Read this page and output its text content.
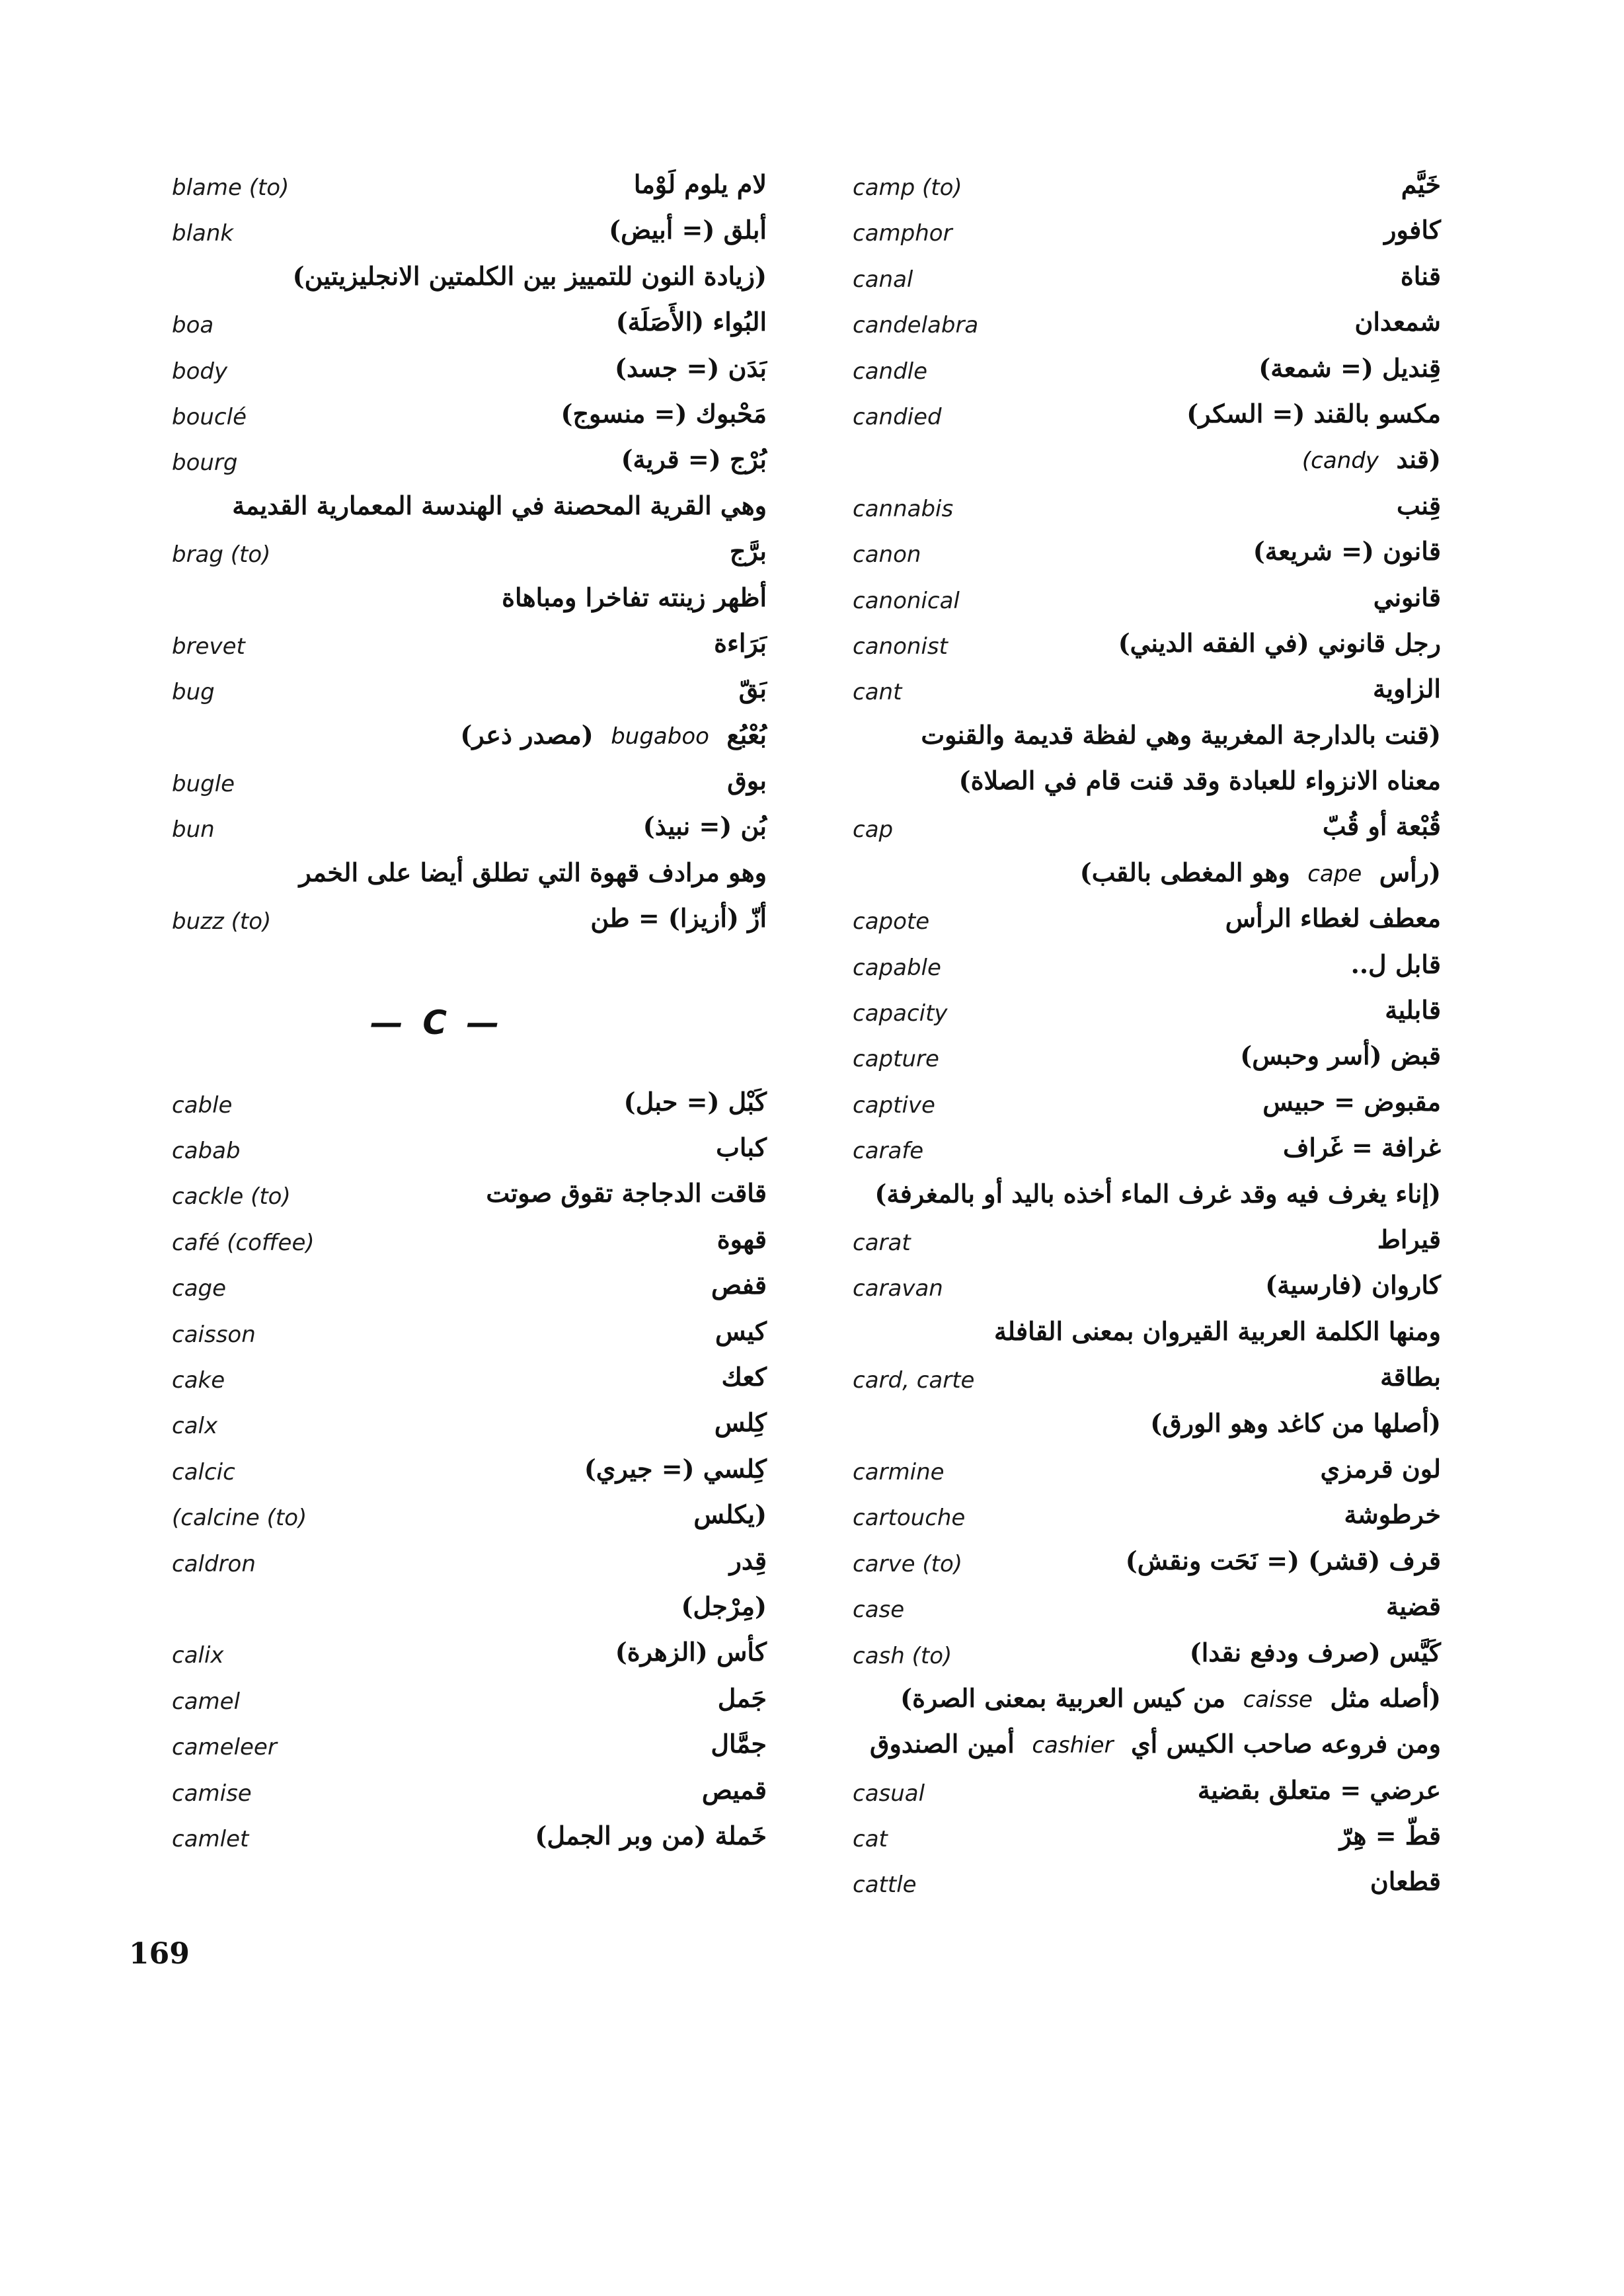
blame (to)	لام يلوم لَوْما
blank	أبلق (= أبيض)
(زيادة النون للتمييز بين الكلمتين الانجليزيتين)
boa	البُواء (الأَصَلَة)
body	بَدَن (= جسد)
bouclé	مَحْبوك (= منسوج)
bourg	بُرْج (= قرية)
وهي القرية المحصنة في الهندسة المعمارية القديمة
brag (to)	برَّج
أظهر زينته تفاخرا ومباهاة
brevet	بَرَاءة
bug	بَقّ
بُعْبُع  bugaboo  (مصدر ذعر)
bugle	بوق
bun	بُن (= نبيذ)
وهو مرادف قهوة التي تطلق أيضا على الخمر
buzz (to)	أزّ (أزيزا) = طن
— C —
cable	كَبْل (= حبل)
cabab	كباب
cackle (to)	قاقت الدجاجة تقوق صوتت
café (coffee)	قهوة
cage	قفص
caisson	كيس
cake	كعك
calx	كِلس
calcic	كِلسي (= جيري)
(calcine (to)	(يكلس
caldron	قِدر
(مِرْجل)
calix	كأس (الزهرة)
camel	جَمل
cameleer	جمَّال
camise	قميص
camlet	خَملة (من وبر الجمل)
camp (to)	خَيَّم
camphor	كافور
canal	قناة
candelabra	شمعدان
candle	قِنديل (= شمعة)
candied	مكسو بالقند (= السكر)
(قند  (candy
cannabis	قِنب
canon	قانون (= شريعة)
canonical	قانوني
canonist	رجل قانوني (في الفقه الديني)
cant	الزاوية
(قنت بالدارجة المغربية وهي لفظة قديمة والقنوت
معناه الانزواء للعبادة وقد قنت قام في الصلاة)
cap	قُبْعة أو قُبّ
(رأس  cape  وهو المغطى بالقب)
capote	معطف لغطاء الرأس
capable	قابل ل..
capacity	قابلية
capture	قبض (أسر وحبس)
captive	مقبوض = حبيس
carafe	غرافة = غَراف
(إناء يغرف فيه وقد غرف الماء أخذه باليد أو بالمغرفة)
carat	قيراط
caravan	كاروان (فارسية)
ومنها الكلمة العربية القيروان بمعنى القافلة
card, carte	بطاقة
(أصلها من كاغد وهو الورق)
carmine	لون قرمزي
cartouche	خرطوشة
carve (to)	قرف (قشر) (= نَحَت ونقش)
case	قضية
cash (to)	كَيَّس (صرف ودفع نقدا)
(أصله مثل  caisse  من كيس العربية بمعنى الصرة)
ومن فروعه صاحب الكيس أي  cashier  أمين الصندوق
casual	عرضي = متعلق بقضية
cat	قطّ = هِرّ
cattle	قطعان
169
